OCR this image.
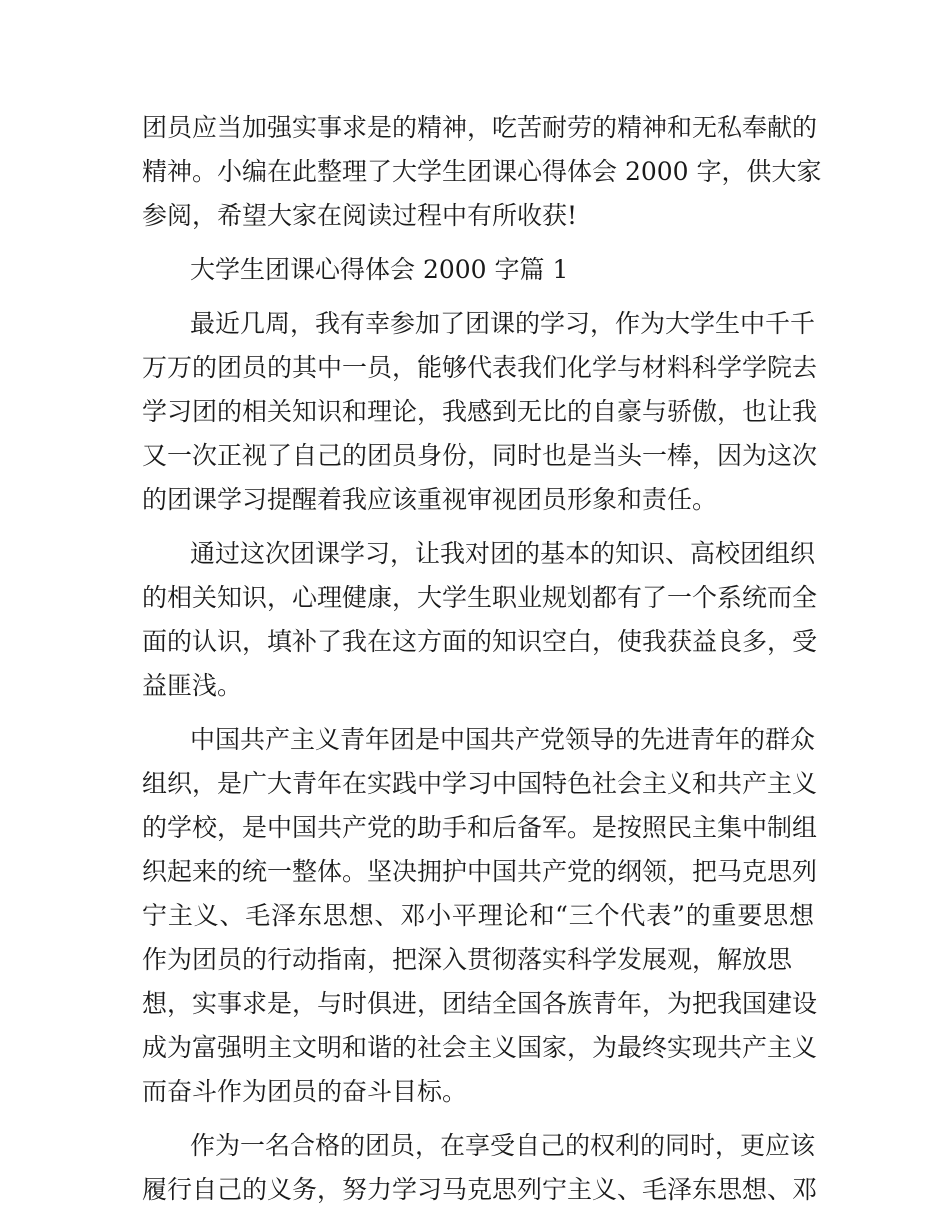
团员应当加强实事求是的精神，吃苦耐劳的精神和无私奉献的
精神。小编在此整理了大学生团课心得体会 2000 字，供大家
参阅，希望大家在阅读过程中有所收获!
大学生团课心得体会 2000 字篇 1
最近几周，我有幸参加了团课的学习，作为大学生中千千
万万的团员的其中一员，能够代表我们化学与材料科学学院去
学习团的相关知识和理论，我感到无比的自豪与骄傲，也让我
又一次正视了自己的团员身份，同时也是当头一棒，因为这次
的团课学习提醒着我应该重视审视团员形象和责任。
通过这次团课学习，让我对团的基本的知识、高校团组织
的相关知识，心理健康，大学生职业规划都有了一个系统而全
面的认识，填补了我在这方面的知识空白，使我获益良多，受
益匪浅。
中国共产主义青年团是中国共产党领导的先进青年的群众
组织，是广大青年在实践中学习中国特色社会主义和共产主义
的学校，是中国共产党的助手和后备军。是按照民主集中制组
织起来的统一整体。坚决拥护中国共产党的纲领，把马克思列
宁主义、毛泽东思想、邓小平理论和“三个代表”的重要思想
作为团员的行动指南，把深入贯彻落实科学发展观，解放思
想，实事求是，与时俱进，团结全国各族青年，为把我国建设
成为富强明主文明和谐的社会主义国家，为最终实现共产主义
而奋斗作为团员的奋斗目标。
作为一名合格的团员，在享受自己的权利的同时，更应该
履行自己的义务，努力学习马克思列宁主义、毛泽东思想、邓
